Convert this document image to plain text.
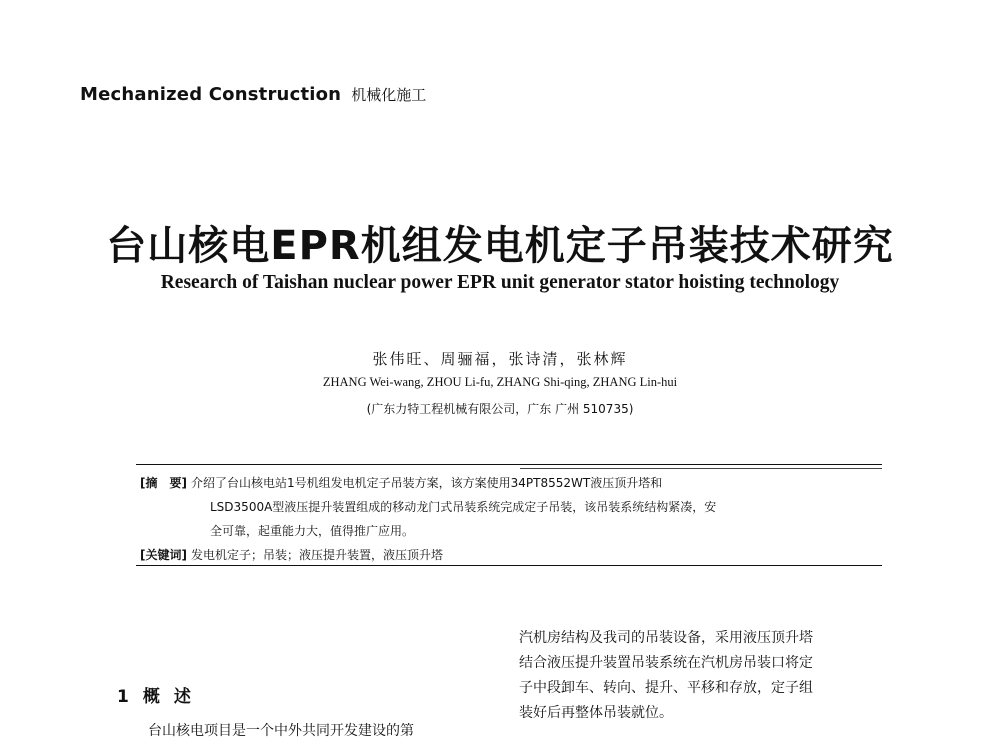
Mechanized Construction 机械化施工
台山核电EPR机组发电机定子吊装技术研究
Research of Taishan nuclear power EPR unit generator stator hoisting technology
张伟旺、周骊福，张诗清，张林辉
ZHANG Wei-wang, ZHOU Li-fu, ZHANG Shi-qing, ZHANG Lin-hui
(广东力特工程机械有限公司，广东 广州 510735)
[摘　要] 介绍了台山核电站1号机组发电机定子吊装方案，该方案使用34PT8552WT液压顶升塔和
LSD3500A型液压提升装置组成的移动龙门式吊装系统完成定子吊装，该吊装系统结构紧凑，安
全可靠，起重能力大，值得推广应用。
[关键词] 发电机定子；吊装；液压提升装置，液压顶升塔
汽机房结构及我司的吊装设备，采用液压顶升塔
结合液压提升装置吊装系统在汽机房吊装口将定
子中段卸车、转向、提升、平移和存放，定子组
装好后再整体吊装就位。
1 概述
台山核电项目是一个中外共同开发建设的第
